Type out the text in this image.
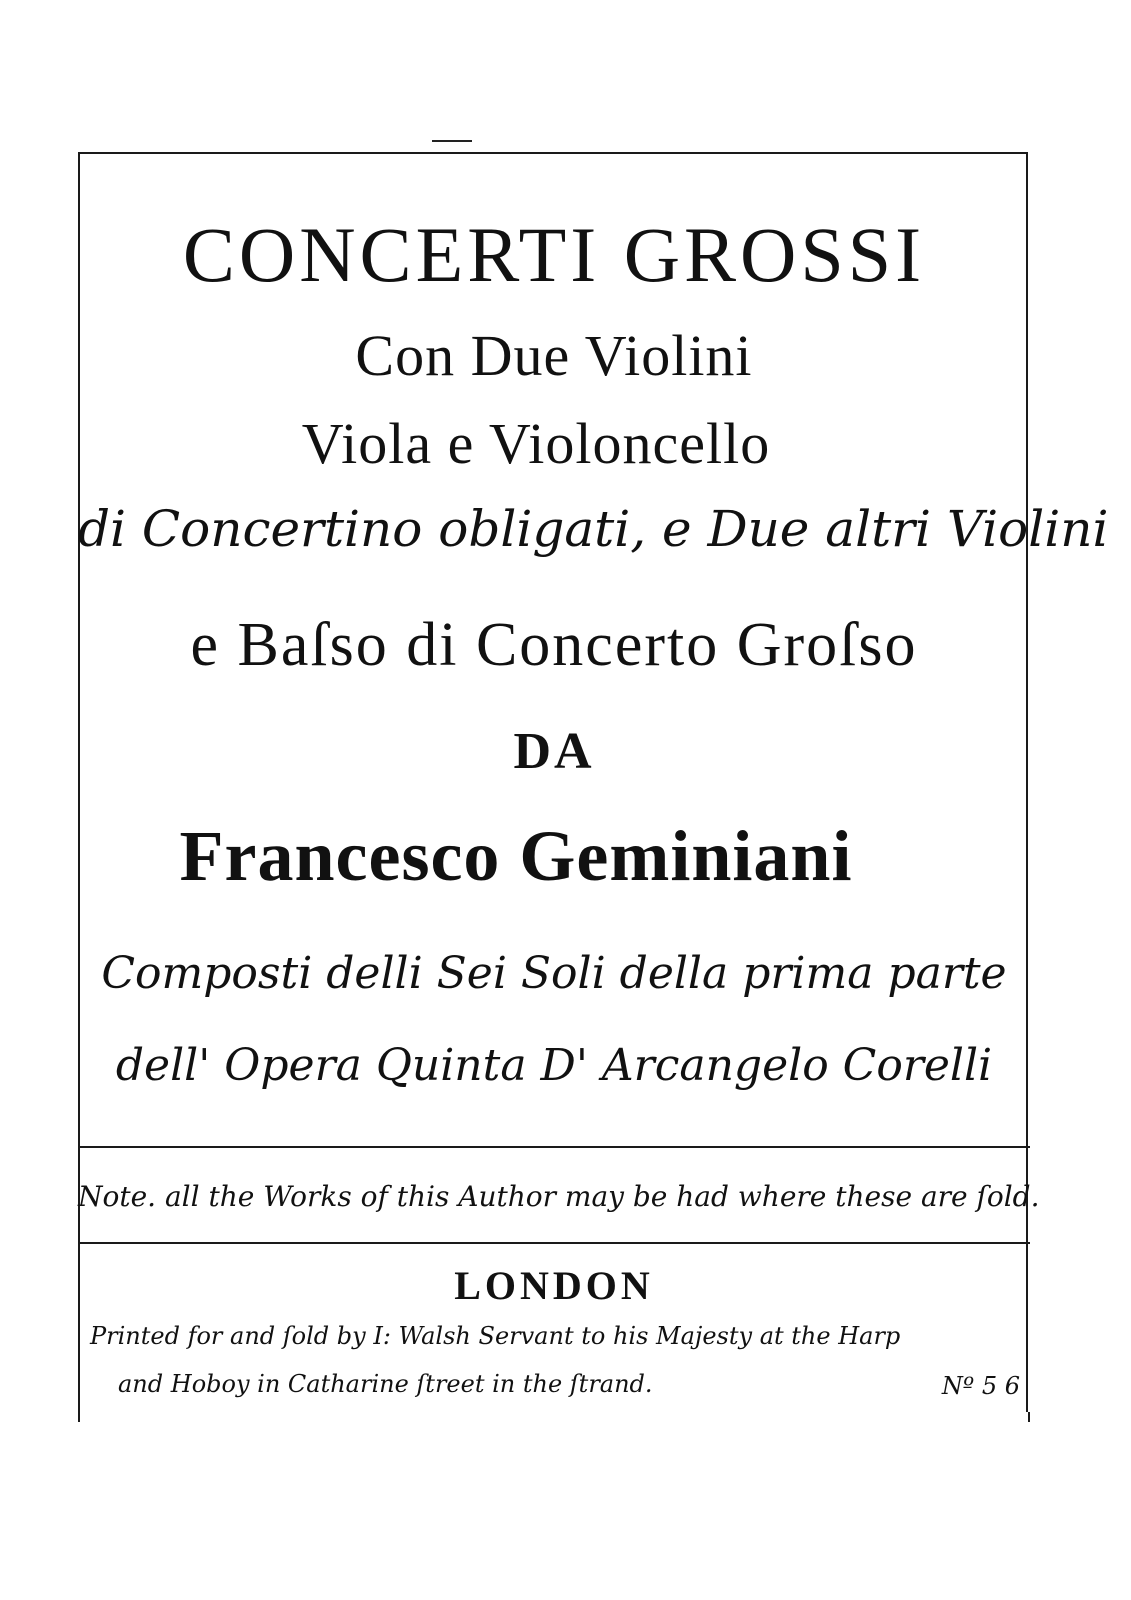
CONCERTI GROSSI
Con Due Violini
Viola e Violoncello
di Concertino obligati, e Due altri Violini
e Baſso di Concerto Groſso
DA
Francesco Geminiani
Composti delli Sei Soli della prima parte
dell' Opera Quinta D' Arcangelo Corelli
Note. all the Works of this Author may be had where these are ſold.
LONDON
Printed for and ſold by I: Walsh Servant to his Majesty at the Harp
and Hoboy in Catharine ſtreet in the ſtrand.	Nº 5 6
